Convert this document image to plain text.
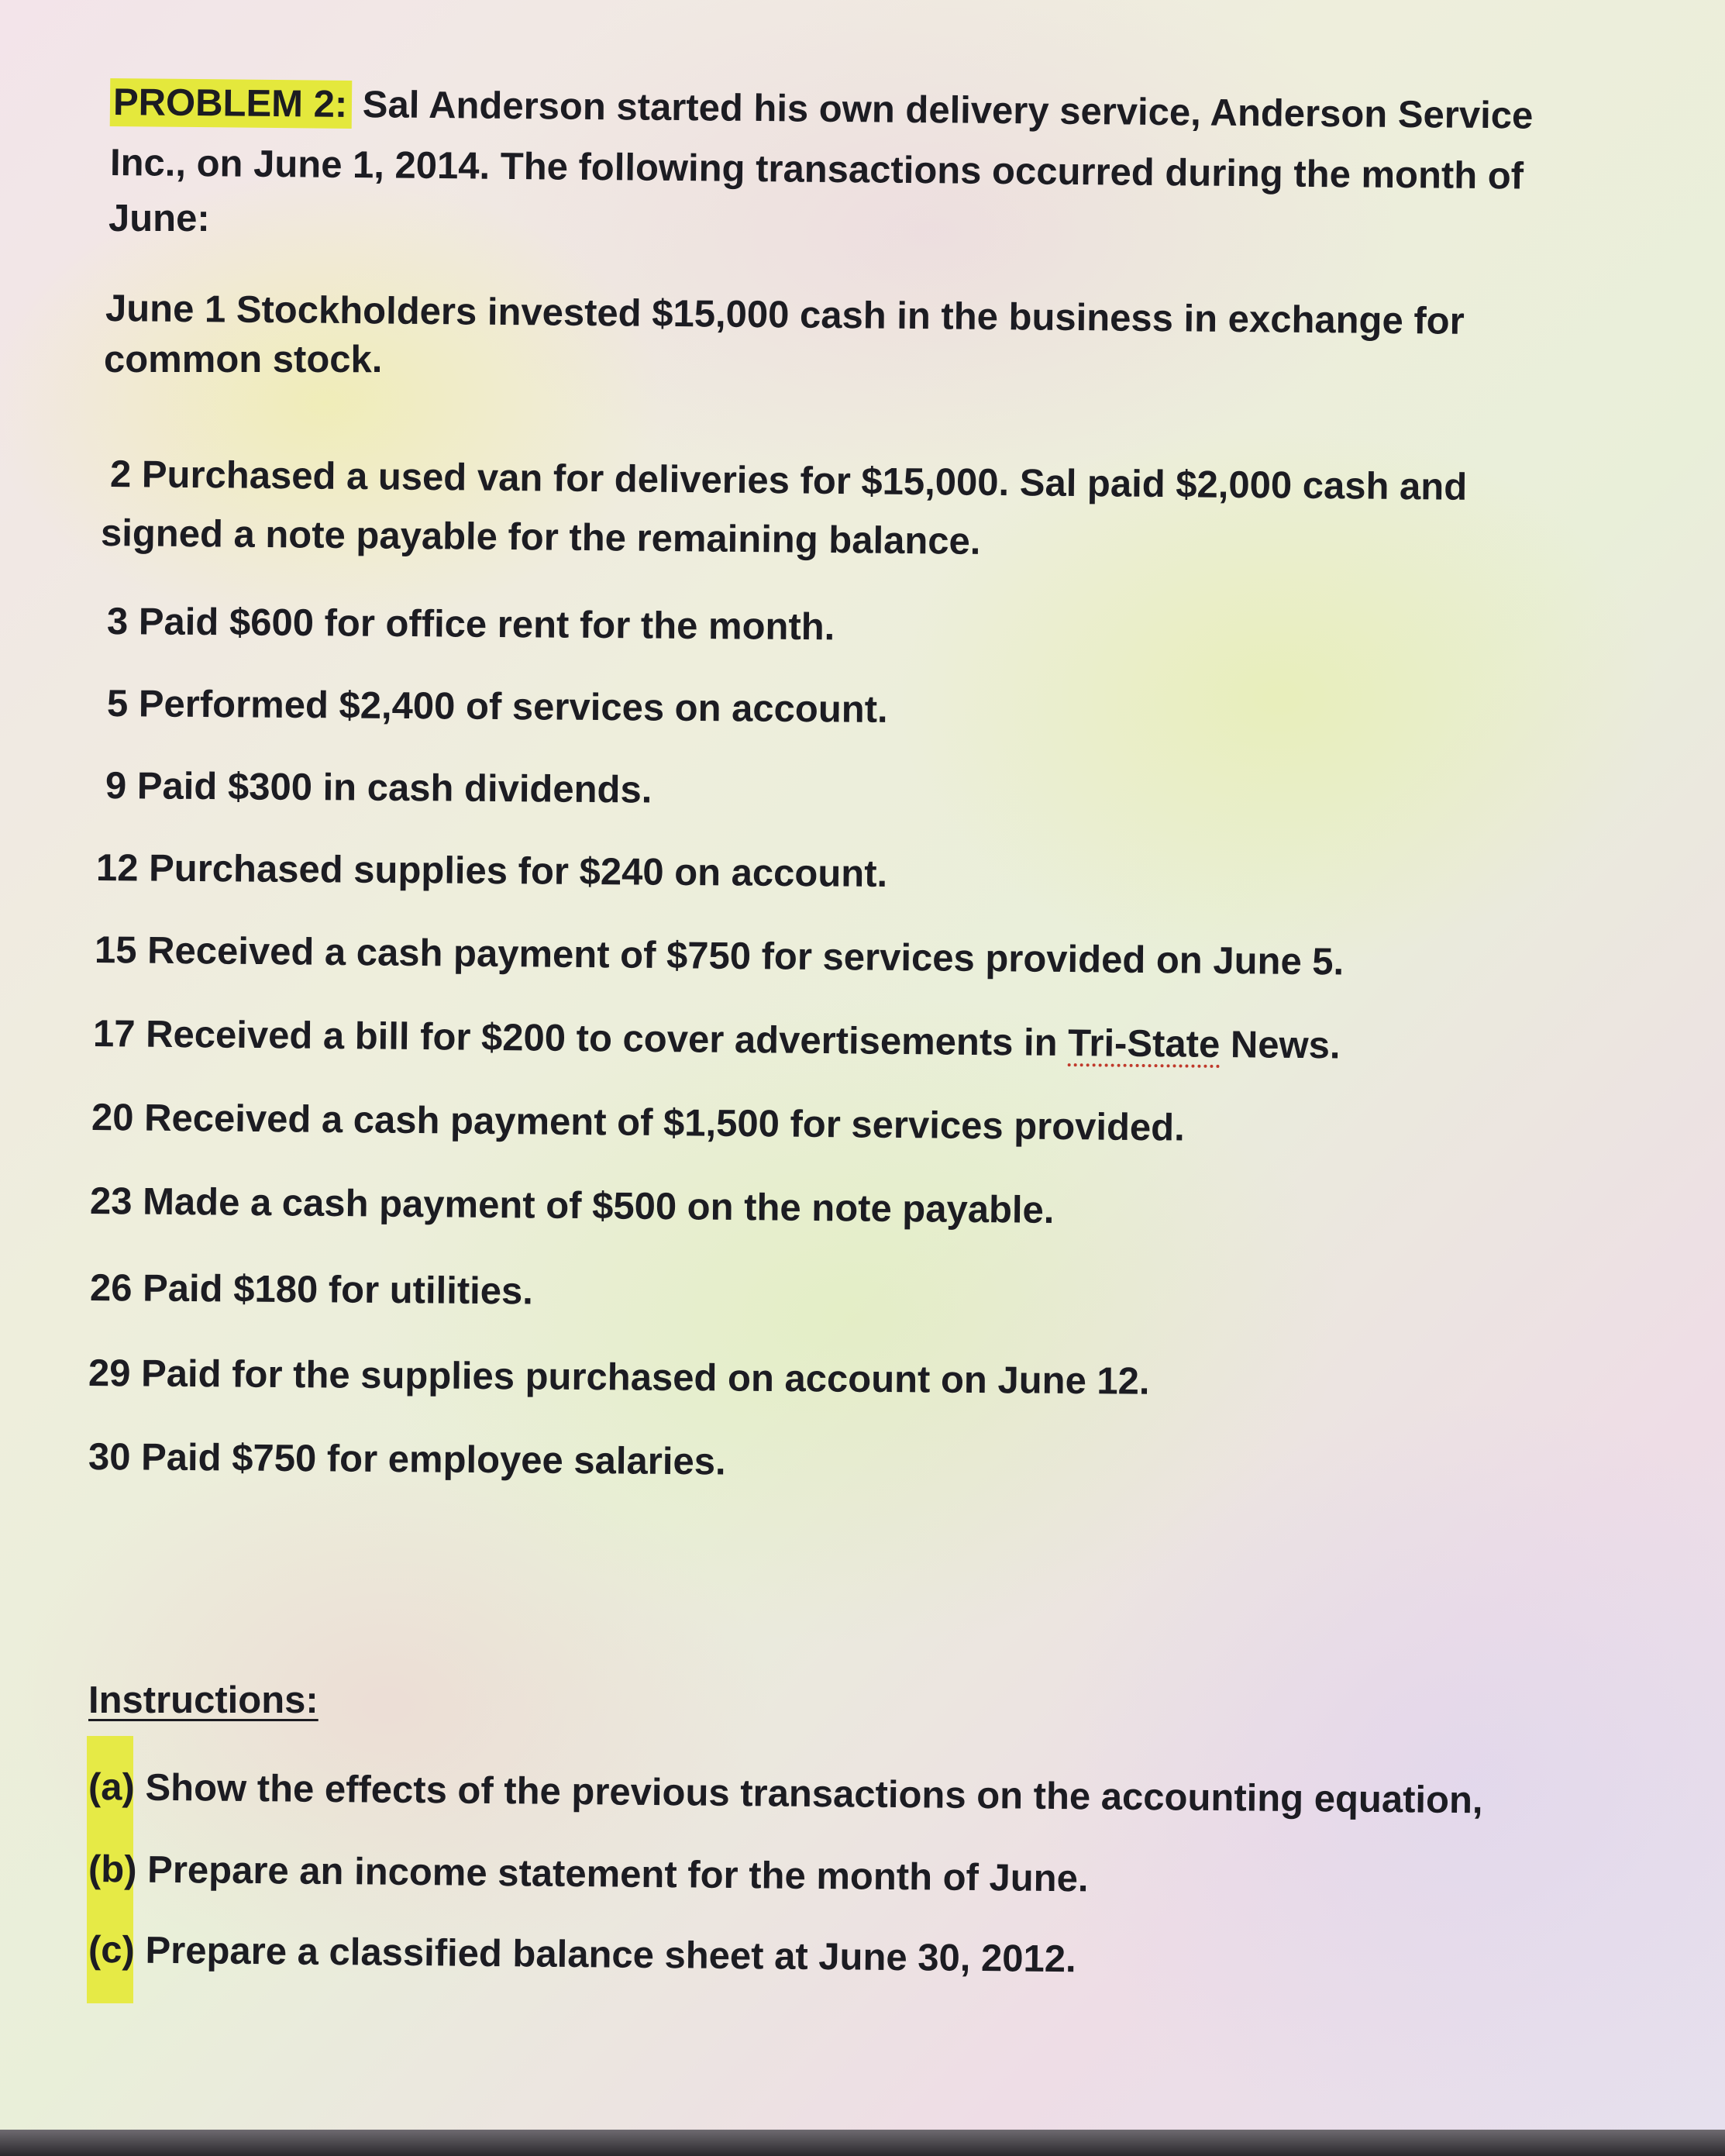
PROBLEM 2: Sal Anderson started his own delivery service, Anderson Service
Inc., on June 1, 2014. The following transactions occurred during the month of
June:
June 1 Stockholders invested $15,000 cash in the business in exchange for
common stock.
2 Purchased a used van for deliveries for $15,000. Sal paid $2,000 cash and
signed a note payable for the remaining balance.
3 Paid $600 for office rent for the month.
5 Performed $2,400 of services on account.
9 Paid $300 in cash dividends.
12 Purchased supplies for $240 on account.
15 Received a cash payment of $750 for services provided on June 5.
17 Received a bill for $200 to cover advertisements in Tri-State News.
20 Received a cash payment of $1,500 for services provided.
23 Made a cash payment of $500 on the note payable.
26 Paid $180 for utilities.
29 Paid for the supplies purchased on account on June 12.
30 Paid $750 for employee salaries.
Instructions:
(a) Show the effects of the previous transactions on the accounting equation,
(b) Prepare an income statement for the month of June.
(c) Prepare a classified balance sheet at June 30, 2012.
